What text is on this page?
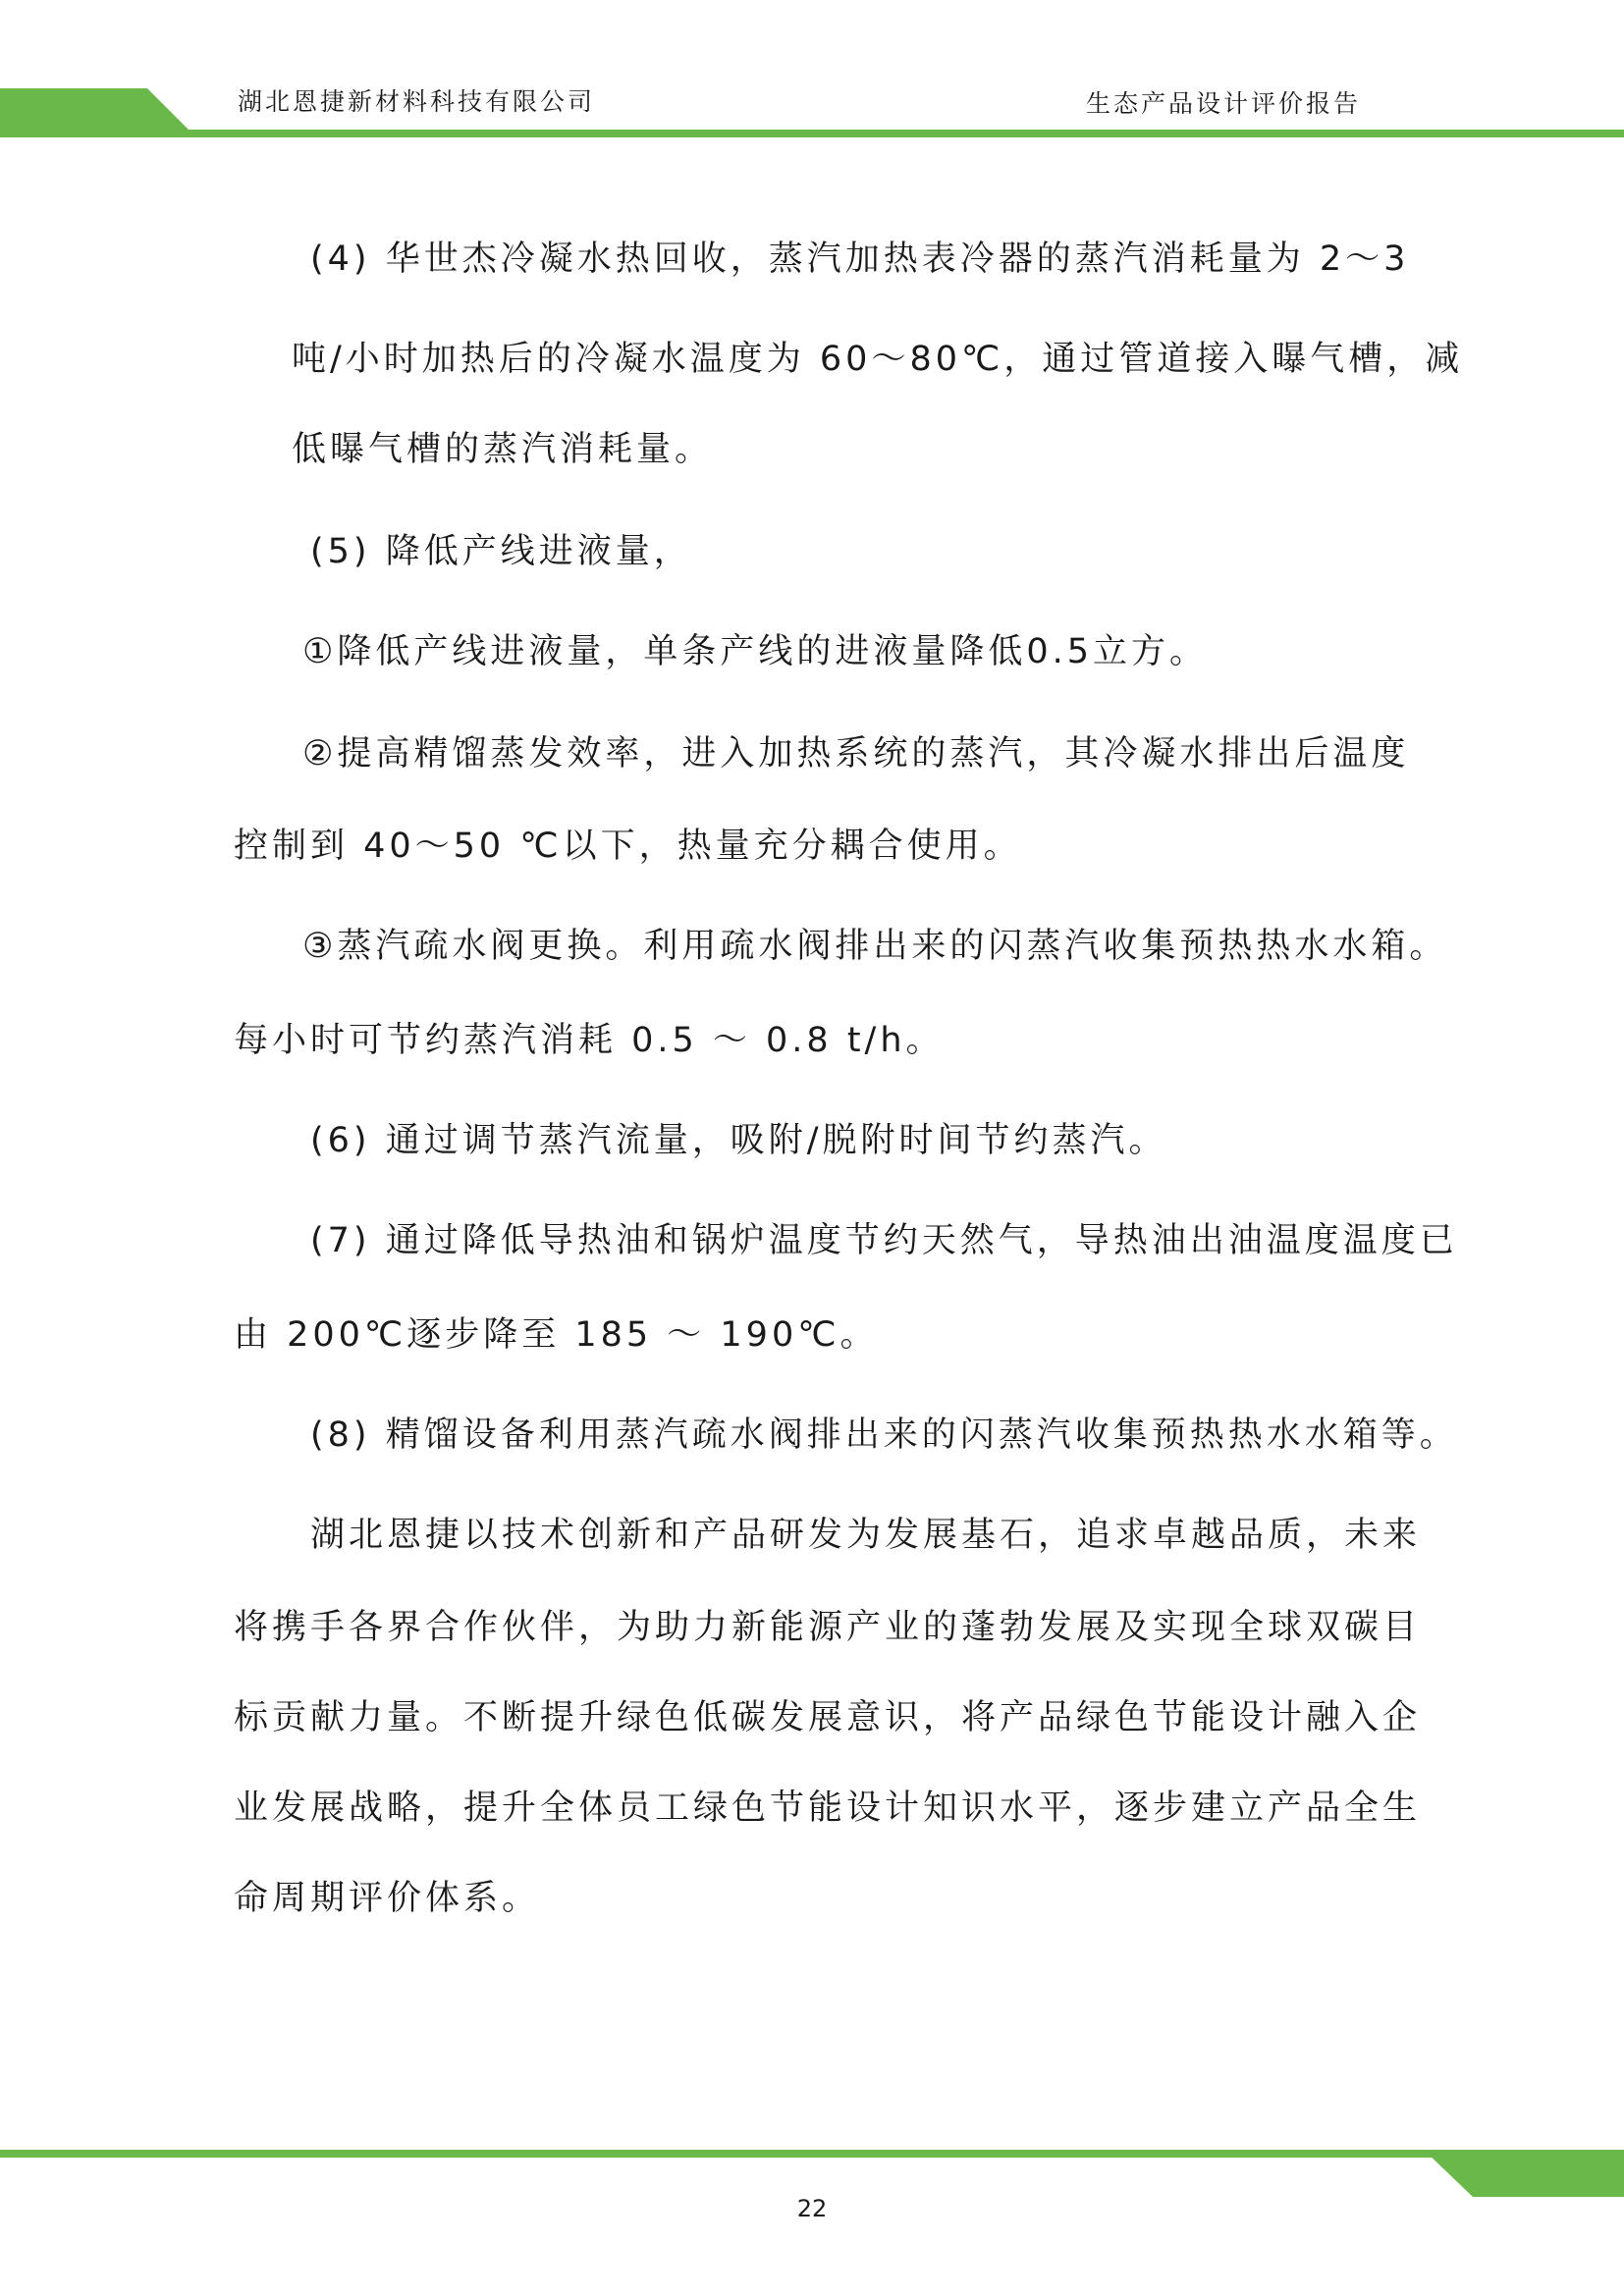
湖北恩捷新材料科技有限公司	生态产品设计评价报告
(4) 华世杰冷凝水热回收，蒸汽加热表冷器的蒸汽消耗量为 2～3
吨/小时加热后的冷凝水温度为 60～80℃，通过管道接入曝气槽，减
低曝气槽的蒸汽消耗量。
(5) 降低产线进液量，
①降低产线进液量，单条产线的进液量降低0.5立方。
②提高精馏蒸发效率，进入加热系统的蒸汽，其冷凝水排出后温度
控制到 40～50 ℃以下，热量充分耦合使用。
③蒸汽疏水阀更换。利用疏水阀排出来的闪蒸汽收集预热热水水箱。
每小时可节约蒸汽消耗 0.5 ～ 0.8 t/h。
(6) 通过调节蒸汽流量，吸附/脱附时间节约蒸汽。
(7) 通过降低导热油和锅炉温度节约天然气，导热油出油温度温度已
由 200℃逐步降至 185 ～ 190℃。
(8) 精馏设备利用蒸汽疏水阀排出来的闪蒸汽收集预热热水水箱等。
湖北恩捷以技术创新和产品研发为发展基石，追求卓越品质，未来
将携手各界合作伙伴，为助力新能源产业的蓬勃发展及实现全球双碳目
标贡献力量。不断提升绿色低碳发展意识，将产品绿色节能设计融入企
业发展战略，提升全体员工绿色节能设计知识水平，逐步建立产品全生
命周期评价体系。
22
